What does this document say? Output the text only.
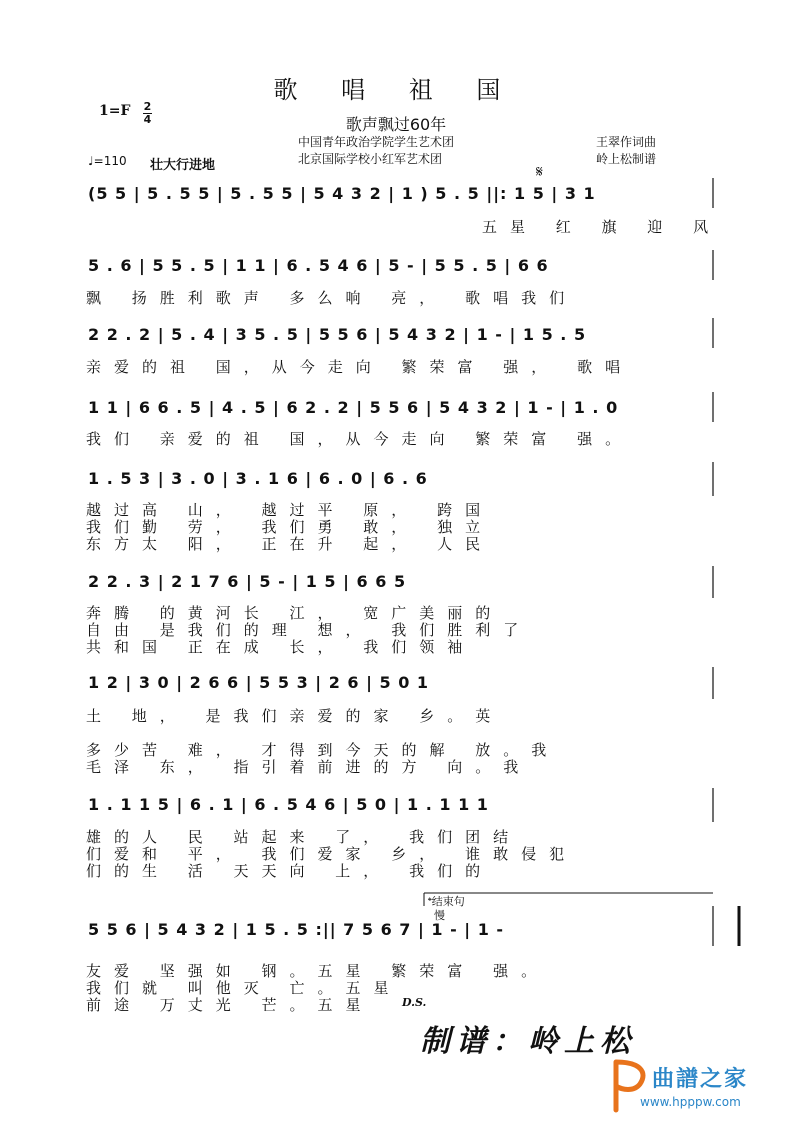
歌 唱 祖 国
歌声飘过60年
1=F 2
4
♩=110 壮大行进地
中国青年政治学院学生艺术团
北京国际学校小红军艺术团
王翠作词曲
岭上松制谱
(5 5 | 5 . 5 5 | 5 . 5 5 | 5 4 3 2 | 1 ) 5 . 5 ||: 1 5 | 3 1
五星 红 旗 迎 风
5 . 6 | 5 5 . 5 | 1 1 | 6 . 5 4 6 | 5 - | 5 5 . 5 | 6 6
飘 扬胜利歌声 多么响 亮， 歌唱我们
2 2 . 2 | 5 . 4 | 3 5 . 5 | 5 5 6 | 5 4 3 2 | 1 - | 1 5 . 5
亲爱的祖 国，从今走向 繁荣富 强， 歌唱
1 1 | 6 6 . 5 | 4 . 5 | 6 2 . 2 | 5 5 6 | 5 4 3 2 | 1 - | 1 . 0
我们 亲爱的祖 国，从今走向 繁荣富 强。
1 . 5 3 | 3 . 0 | 3 . 1 6 | 6 . 0 | 6 . 6
越过高 山， 越过平 原， 跨国
我们勤 劳， 我们勇 敢， 独立
东方太 阳， 正在升 起， 人民
2 2 . 3 | 2 1 7 6 | 5 - | 1 5 | 6 6 5
奔腾 的黄河长 江， 宽广美丽的
自由 是我们的理 想， 我们胜利了
共和国 正在成 长， 我们领袖
1 2 | 3 0 | 2 6 6 | 5 5 3 | 2 6 | 5 0 1
土 地， 是我们亲爱的家 乡。英
多少苦 难， 才得到今天的解 放。我
毛泽 东， 指引着前进的方 向。我
1 . 1 1 5 | 6 . 1 | 6 . 5 4 6 | 5 0 | 1 . 1 1 1
雄的人 民 站起来 了， 我们团结
们爱和 平， 我们爱家 乡， 谁敢侵犯
们的生 活 天天向 上， 我们的
𝄌结束句
慢
5 5 6 | 5 4 3 2 | 1 5 . 5 :|| 7 5 6 7 | 1 - | 1 -
友爱 坚强如 钢。五星 繁荣富 强。
我们就 叫他灭 亡。五星
前途 万丈光 芒。五星	D.S.
𝄋
制谱：岭上松
曲譜之家
www.hpppw.com
